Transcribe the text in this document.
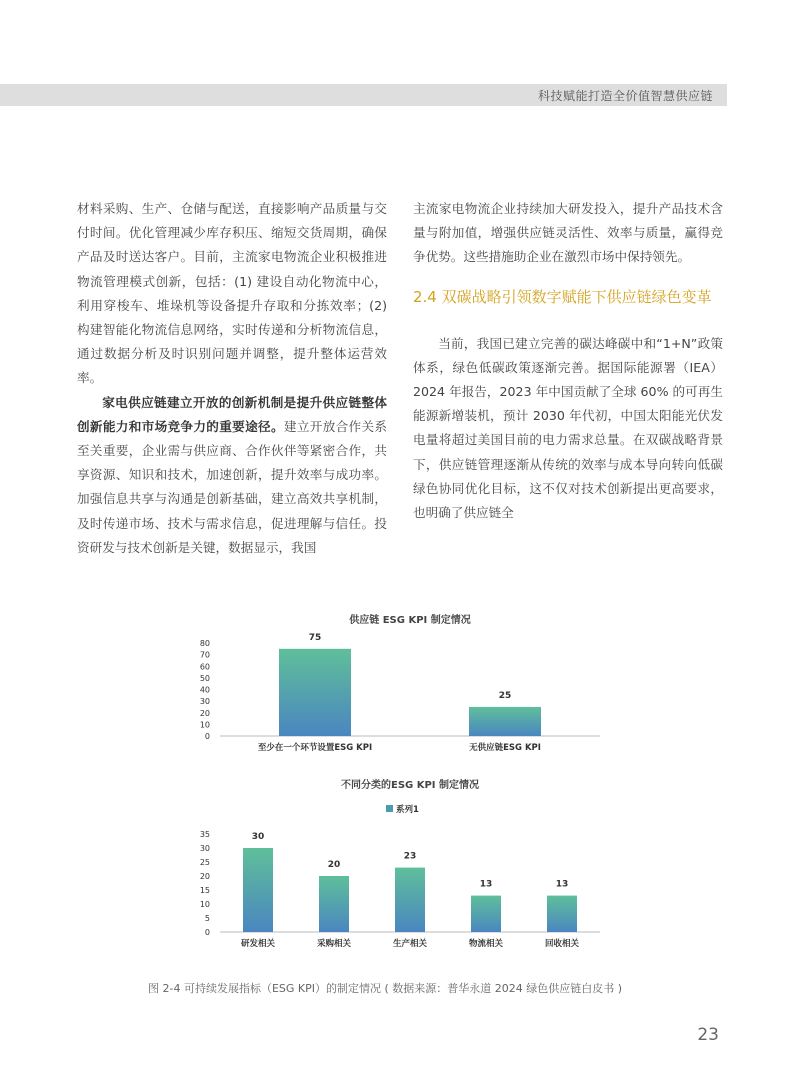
科技赋能打造全价值智慧供应链

材料采购、生产、仓储与配送，直接影响产品质量与交付时间。优化管理减少库存积压、缩短交货周期，确保产品及时送达客户。目前，主流家电物流企业积极推进物流管理模式创新，包括：(1) 建设自动化物流中心，利用穿梭车、堆垛机等设备提升存取和分拣效率；(2) 构建智能化物流信息网络，实时传递和分析物流信息，通过数据分析及时识别问题并调整，提升整体运营效率。

家电供应链建立开放的创新机制是提升供应链整体创新能力和市场竞争力的重要途径。建立开放合作关系至关重要，企业需与供应商、合作伙伴等紧密合作，共享资源、知识和技术，加速创新，提升效率与成功率。加强信息共享与沟通是创新基础，建立高效共享机制，及时传递市场、技术与需求信息，促进理解与信任。投资研发与技术创新是关键，数据显示，我国

主流家电物流企业持续加大研发投入，提升产品技术含量与附加值，增强供应链灵活性、效率与质量，赢得竞争优势。这些措施助企业在激烈市场中保持领先。

2.4 双碳战略引领数字赋能下供应链绿色变革

当前，我国已建立完善的碳达峰碳中和“1+N”政策体系，绿色低碳政策逐渐完善。据国际能源署（IEA）2024 年报告，2023 年中国贡献了全球 60% 的可再生能源新增装机，预计 2030 年代初，中国太阳能光伏发电量将超过美国目前的电力需求总量。在双碳战略背景下，供应链管理逐渐从传统的效率与成本导向转向低碳绿色协同优化目标，这不仅对技术创新提出更高要求，也明确了供应链全

供应链 ESG KPI 制定情况
0
10
20
30
40
50
60
70
80
75
至少在一个环节设置ESG KPI
25
无供应链ESG KPI
不同分类的ESG KPI 制定情况
系列1
0
5
10
15
20
25
30
35	30
研发相关
20
采购相关
23
生产相关
13
物流相关
13
回收相关
图 2-4 可持续发展指标（ESG KPI）的制定情况 ( 数据来源：普华永道 2024 绿色供应链白皮书 )
23
